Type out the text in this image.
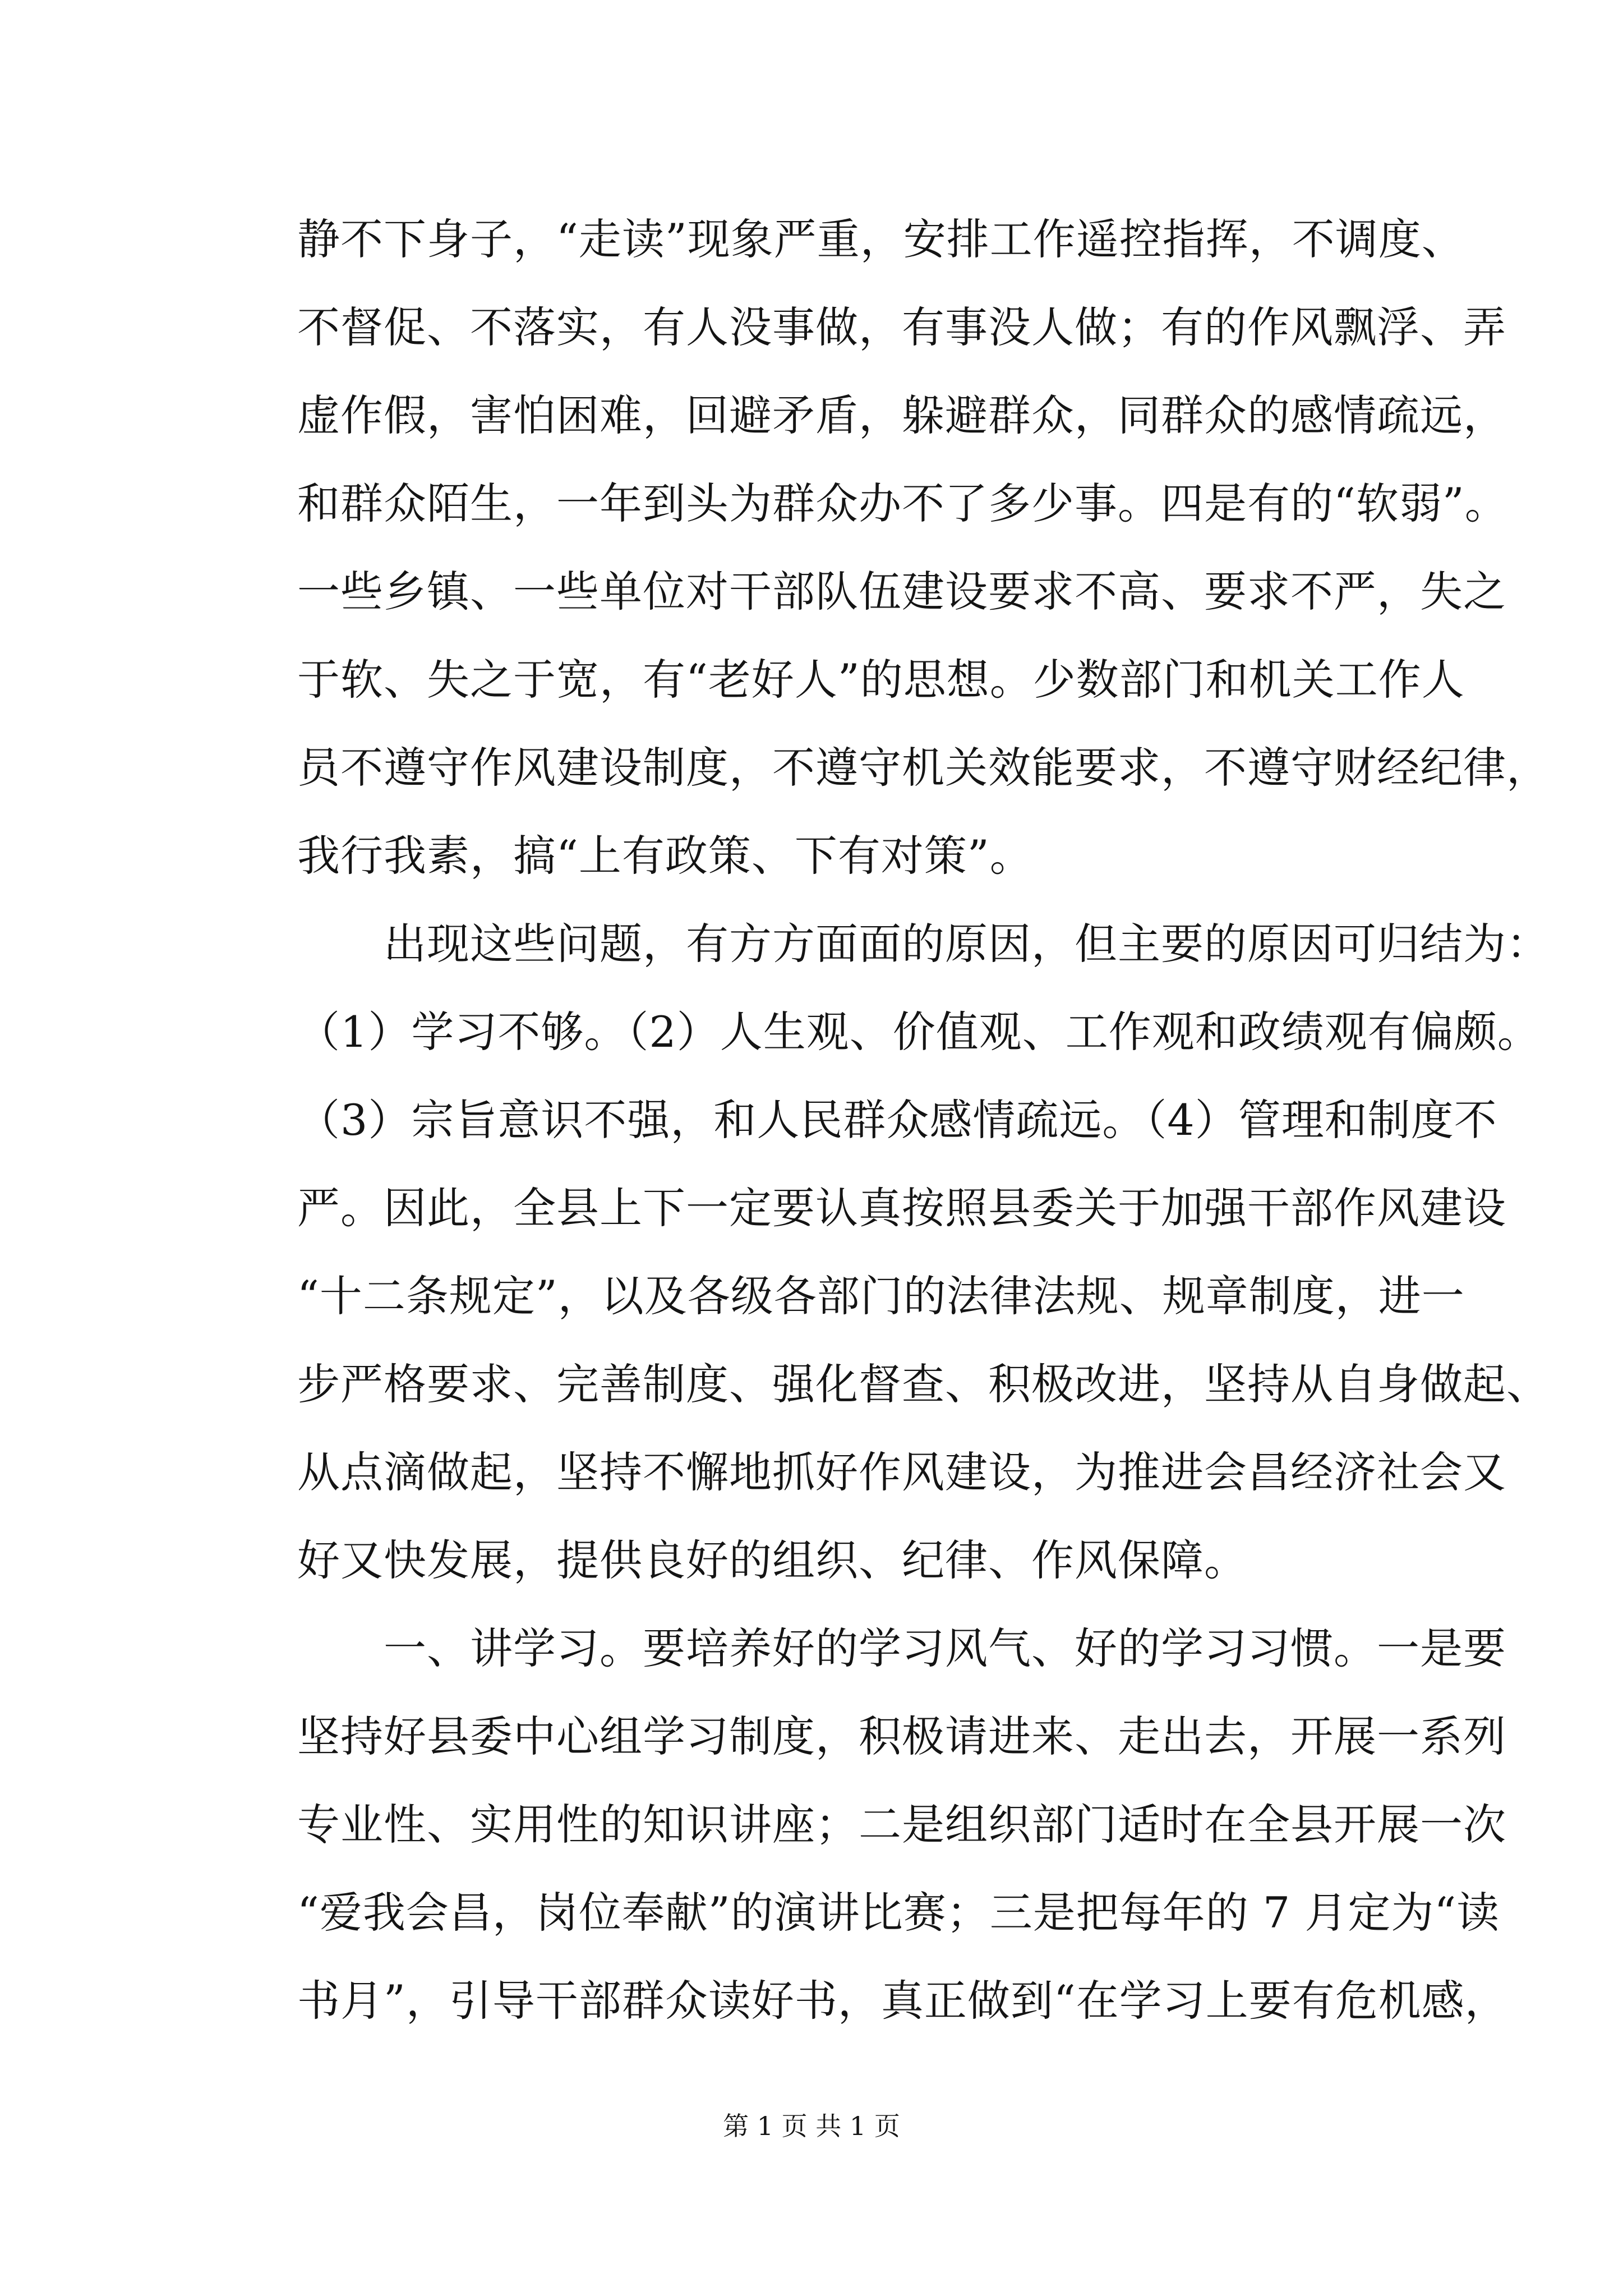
静不下身子，“走读”现象严重，安排工作遥控指挥，不调度、
不督促、不落实，有人没事做，有事没人做；有的作风飘浮、弄
虚作假，害怕困难，回避矛盾，躲避群众，同群众的感情疏远，
和群众陌生，一年到头为群众办不了多少事。四是有的“软弱”。
一些乡镇、一些单位对干部队伍建设要求不高、要求不严，失之
于软、失之于宽，有“老好人”的思想。少数部门和机关工作人
员不遵守作风建设制度，不遵守机关效能要求，不遵守财经纪律，
我行我素，搞“上有政策、下有对策”。
　　出现这些问题，有方方面面的原因，但主要的原因可归结为：
（1）学习不够。（2）人生观、价值观、工作观和政绩观有偏颇。
（3）宗旨意识不强，和人民群众感情疏远。（4）管理和制度不
严。因此，全县上下一定要认真按照县委关于加强干部作风建设
“十二条规定”，以及各级各部门的法律法规、规章制度，进一
步严格要求、完善制度、强化督查、积极改进，坚持从自身做起、
从点滴做起，坚持不懈地抓好作风建设，为推进会昌经济社会又
好又快发展，提供良好的组织、纪律、作风保障。
　　一、讲学习。要培养好的学习风气、好的学习习惯。一是要
坚持好县委中心组学习制度，积极请进来、走出去，开展一系列
专业性、实用性的知识讲座；二是组织部门适时在全县开展一次
“爱我会昌，岗位奉献”的演讲比赛；三是把每年的 7 月定为“读
书月”，引导干部群众读好书，真正做到“在学习上要有危机感，
第 1 页 共 1 页
